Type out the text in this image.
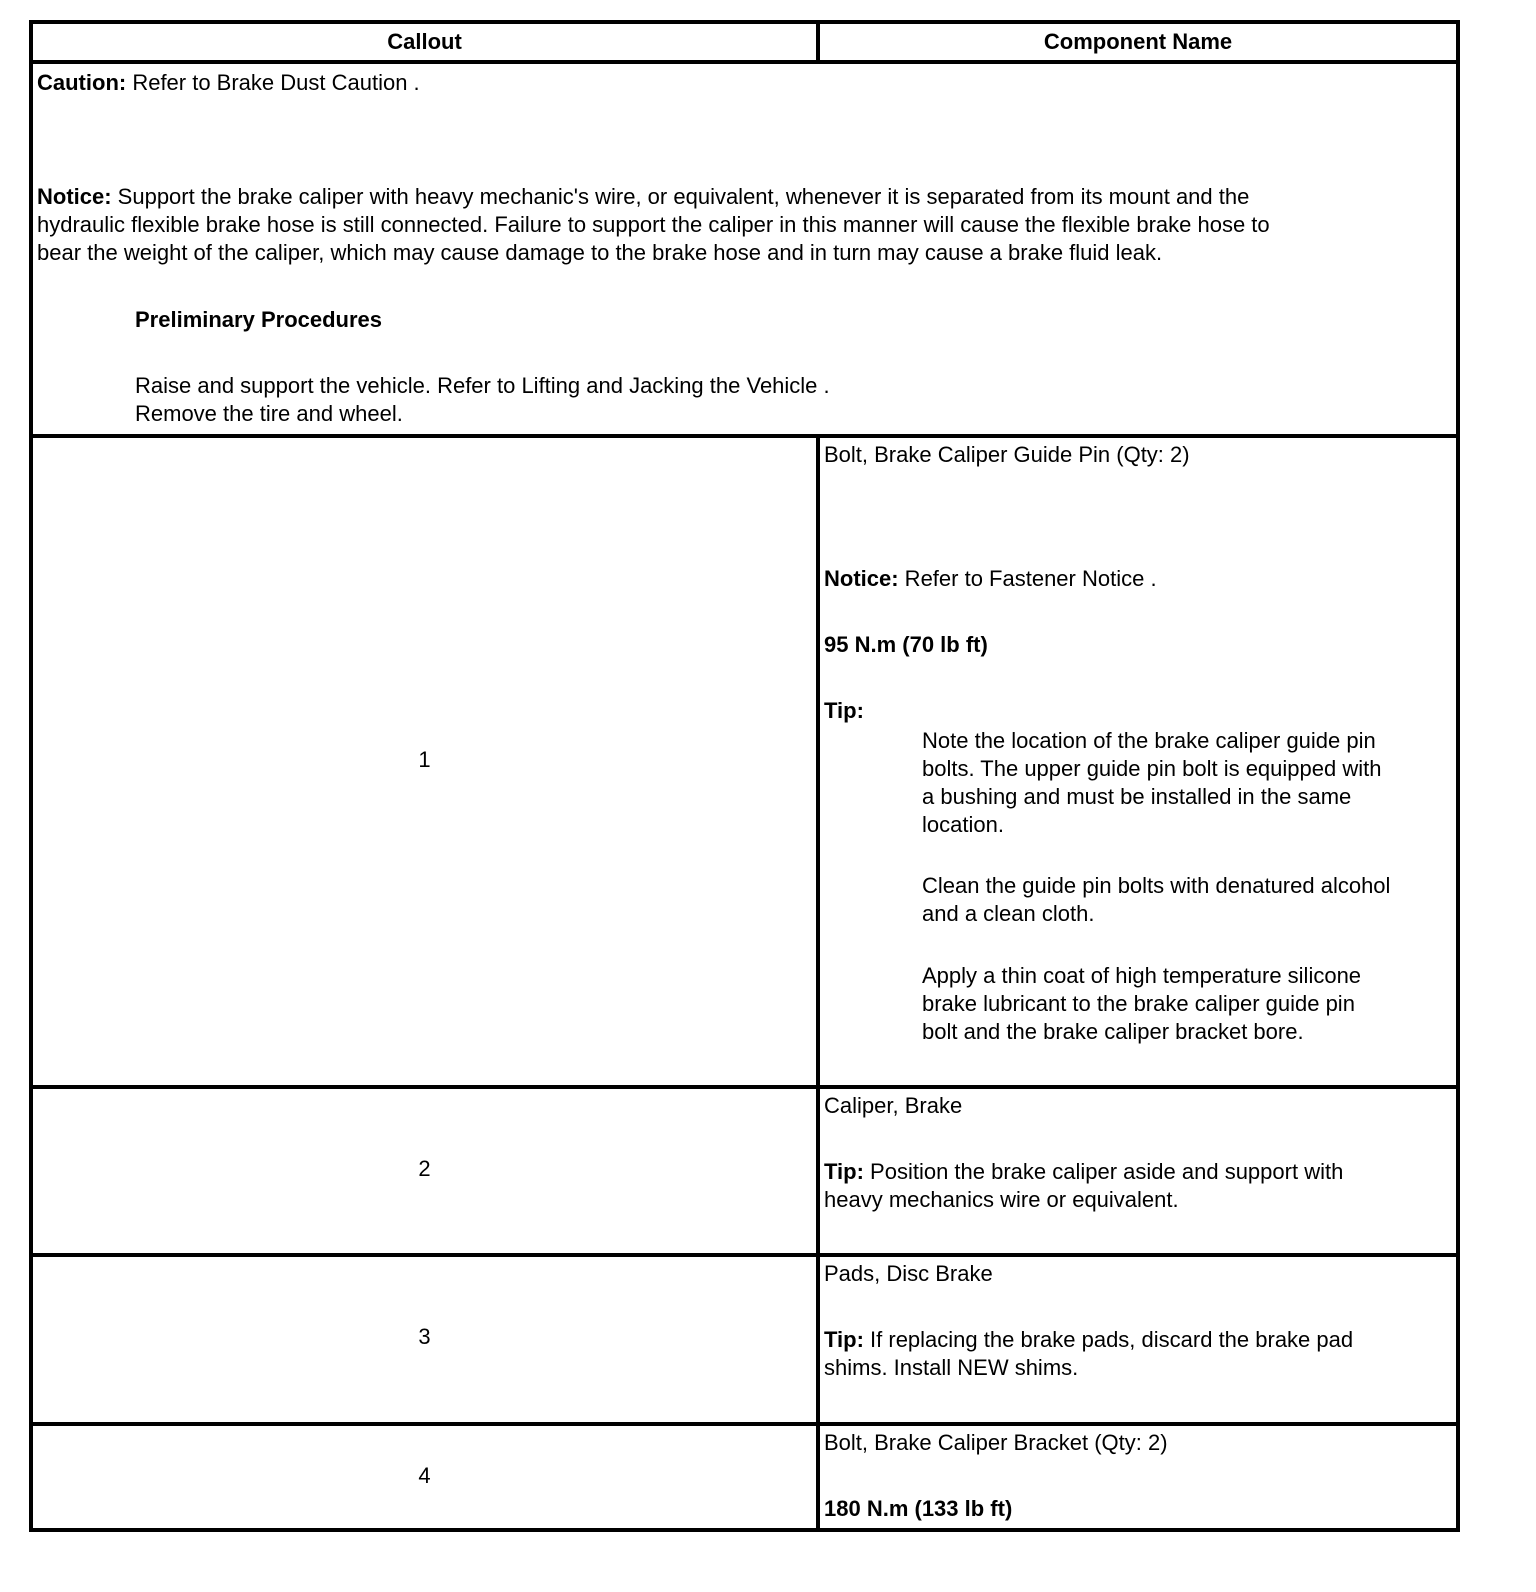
Callout	Component Name
Caution: Refer to Brake Dust Caution .
Notice: Support the brake caliper with heavy mechanic's wire, or equivalent, whenever it is separated from its mount and the
hydraulic flexible brake hose is still connected. Failure to support the caliper in this manner will cause the flexible brake hose to
bear the weight of the caliper, which may cause damage to the brake hose and in turn may cause a brake fluid leak.
Preliminary Procedures
Raise and support the vehicle. Refer to Lifting and Jacking the Vehicle .
Remove the tire and wheel.
1
Bolt, Brake Caliper Guide Pin (Qty: 2)
Notice: Refer to Fastener Notice .
95 N.m (70 lb ft)
Tip:
Note the location of the brake caliper guide pin
bolts. The upper guide pin bolt is equipped with
a bushing and must be installed in the same
location.
Clean the guide pin bolts with denatured alcohol
and a clean cloth.
Apply a thin coat of high temperature silicone
brake lubricant to the brake caliper guide pin
bolt and the brake caliper bracket bore.
2
Caliper, Brake
Tip: Position the brake caliper aside and support with
heavy mechanics wire or equivalent.
3
Pads, Disc Brake
Tip: If replacing the brake pads, discard the brake pad
shims. Install NEW shims.
4
Bolt, Brake Caliper Bracket (Qty: 2)
180 N.m (133 lb ft)
